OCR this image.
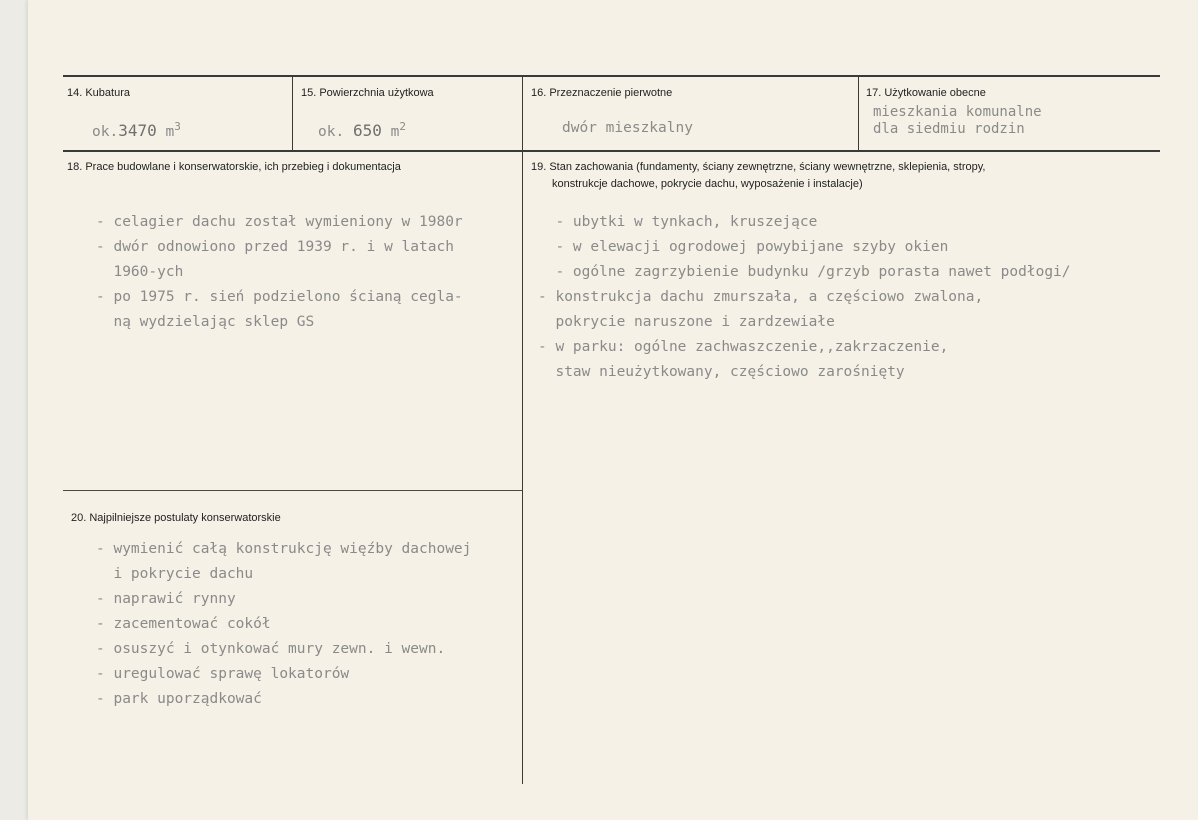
14. Kubatura
ok.3470 $m^3$
15. Powierzchnia użytkowa
ok. 650 $m^2$
16. Przeznaczenie pierwotne
dwór mieszkalny
17. Użytkowanie obecne
mieszkania komunalne
dla siedmiu rodzin
18. Prace budowlane i konserwatorskie, ich przebieg i dokumentacja
- celagier dachu został wymieniony w 1980r
- dwór odnowiono przed 1939 r. i w latach
1960-ych
- po 1975 r. sień podzielono ścianą cegla-
ną wydzielając sklep GS
19. Stan zachowania (fundamenty, ściany zewnętrzne, ściany wewnętrzne, sklepienia, stropy,
konstrukcje dachowe, pokrycie dachu, wyposażenie i instalacje)
- ubytki w tynkach, kruszejące
- w elewacji ogrodowej powybijane szyby okien
- ogólne zagrzybienie budynku /grzyb porasta nawet podłogi/
- konstrukcja dachu zmurszała, a częściowo zwalona,
pokrycie naruszone i zardzewiałe
- w parku: ogólne zachwaszczenie,,zakrzaczenie,
staw nieużytkowany, częściowo zarośnięty
20. Najpilniejsze postulaty konserwatorskie
- wymienić całą konstrukcję więźby dachowej
i pokrycie dachu
- naprawić rynny
- zacementować cokół
- osuszyć i otynkować mury zewn. i wewn.
- uregulować sprawę lokatorów
- park uporządkować
